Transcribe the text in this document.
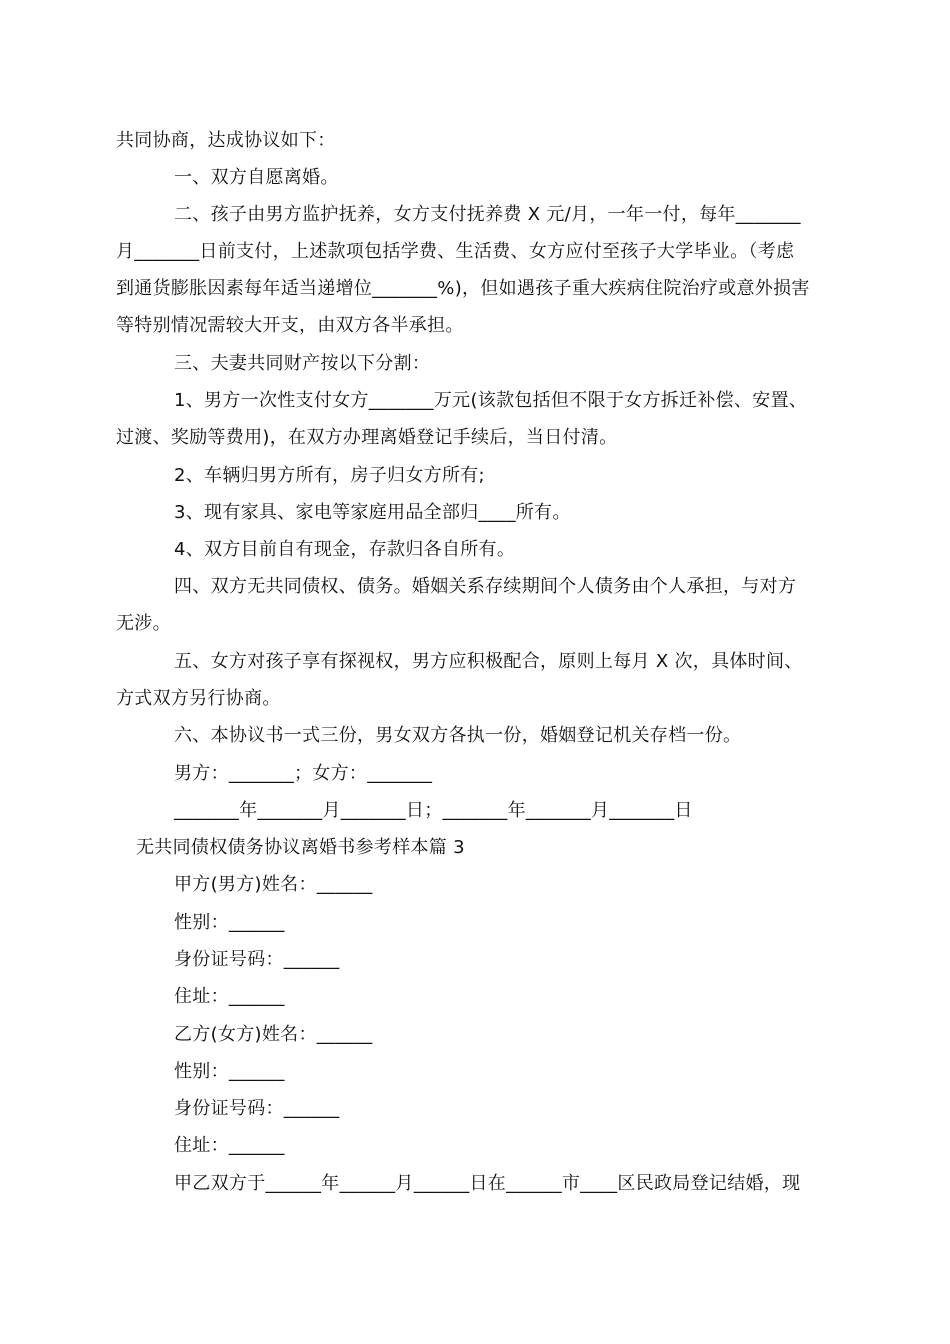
共同协商，达成协议如下：
一、双方自愿离婚。
二、孩子由男方监护抚养，女方支付抚养费 X 元/月，一年一付，每年_______
月_______日前支付，上述款项包括学费、生活费、女方应付至孩子大学毕业。（考虑
到通货膨胀因素每年适当递增位_______%)，但如遇孩子重大疾病住院治疗或意外损害
等特别情况需较大开支，由双方各半承担。
三、夫妻共同财产按以下分割：
1、男方一次性支付女方_______万元(该款包括但不限于女方拆迁补偿、安置、
过渡、奖励等费用)，在双方办理离婚登记手续后，当日付清。
2、车辆归男方所有，房子归女方所有;
3、现有家具、家电等家庭用品全部归____所有。
4、双方目前自有现金，存款归各自所有。
四、双方无共同债权、债务。婚姻关系存续期间个人债务由个人承担，与对方
无涉。
五、女方对孩子享有探视权，男方应积极配合，原则上每月 X 次，具体时间、
方式双方另行协商。
六、本协议书一式三份，男女双方各执一份，婚姻登记机关存档一份。
男方：_______；女方：_______
_______年_______月_______日；_______年_______月_______日
无共同债权债务协议离婚书参考样本篇 3
甲方(男方)姓名：______
性别：______
身份证号码：______
住址：______
乙方(女方)姓名：______
性别：______
身份证号码：______
住址：______
甲乙双方于______年______月______日在______市____区民政局登记结婚，现
